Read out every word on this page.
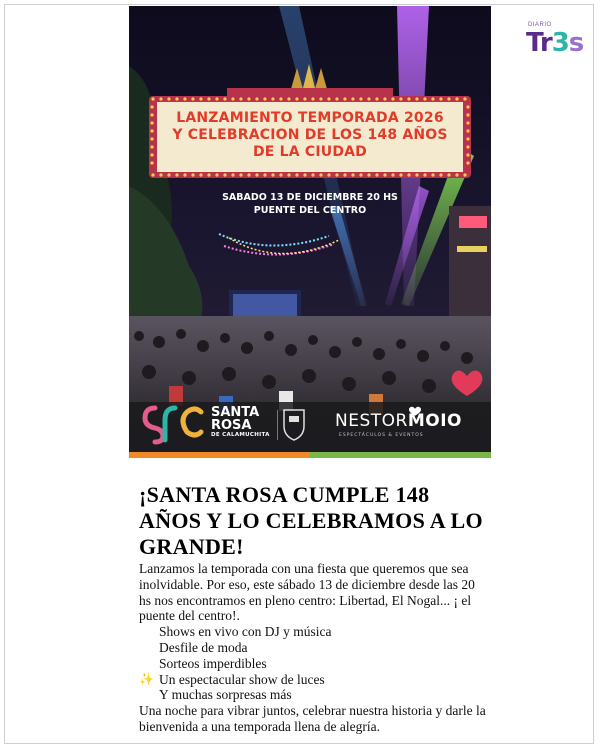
DIARIO
Tr3s
LANZAMIENTO TEMPORADA 2026
Y CELEBRACION DE LOS 148 AÑOS
DE LA CIUDAD
SABADO 13 DE DICIEMBRE 20 HS
PUENTE DEL CENTRO
SANTA
ROSA
DE CALAMUCHITA
NESTORMOIO
ESPECTÁCULOS & EVENTOS
¡SANTA ROSA CUMPLE 148 AÑOS Y LO CELEBRAMOS A LO GRANDE!

Lanzamos la temporada con una fiesta que queremos que sea inolvidable. Por eso, este sábado 13 de diciembre desde las 20 hs nos encontramos en pleno centro: Libertad, El Nogal... ¡ el puente del centro!.

Shows en vivo con DJ y música
Desfile de moda
Sorteos imperdibles
✨ Un espectacular show de luces
Y muchas sorpresas más

Una noche para vibrar juntos, celebrar nuestra historia y darle la bienvenida a una temporada llena de alegría.
